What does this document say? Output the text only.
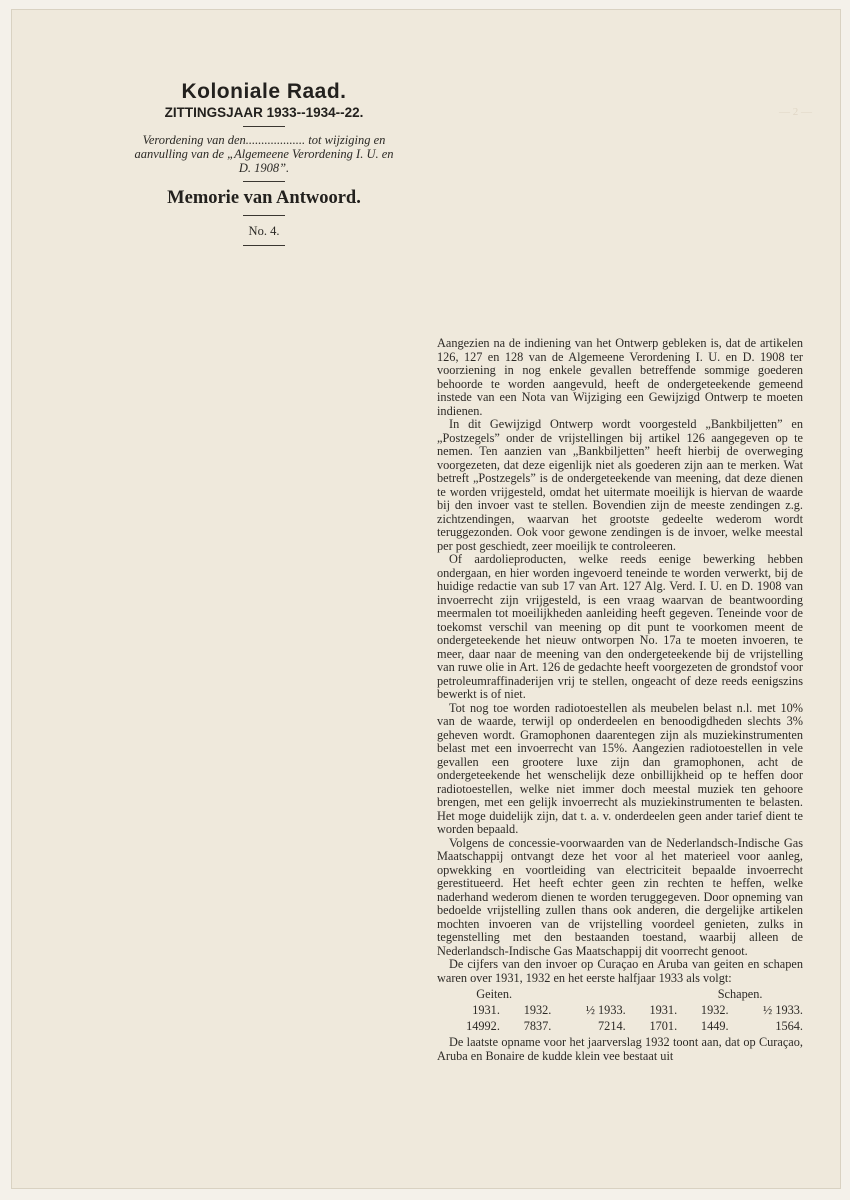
— 2 —
Koloniale Raad.
ZITTINGSJAAR 1933--1934--22.
Verordening van den................... tot wijziging en aanvulling van de „Algemeene Verordening I. U. en D. 1908”.
Memorie van Antwoord.
No. 4.

Aangezien na de indiening van het Ontwerp gebleken is, dat de artikelen 126, 127 en 128 van de Algemeene Verordening I. U. en D. 1908 ter voorziening in nog enkele gevallen betreffende sommige goederen behoorde te worden aangevuld, heeft de ondergeteekende gemeend instede van een Nota van Wijziging een Gewijzigd Ontwerp te moeten indienen.

In dit Gewijzigd Ontwerp wordt voorgesteld „Bankbiljetten” en „Postzegels” onder de vrijstellingen bij artikel 126 aangegeven op te nemen. Ten aanzien van „Bankbiljetten” heeft hierbij de overweging voorgezeten, dat deze eigenlijk niet als goederen zijn aan te merken. Wat betreft „Postzegels” is de ondergeteekende van meening, dat deze dienen te worden vrijgesteld, omdat het uitermate moeilijk is hiervan de waarde bij den invoer vast te stellen. Bovendien zijn de meeste zendingen z.g. zichtzendingen, waarvan het grootste gedeelte wederom wordt teruggezonden. Ook voor gewone zendingen is de invoer, welke meestal per post geschiedt, zeer moeilijk te controleeren.

Of aardolieproducten, welke reeds eenige bewerking hebben ondergaan, en hier worden ingevoerd teneinde te worden verwerkt, bij de huidige redactie van sub 17 van Art. 127 Alg. Verd. I. U. en D. 1908 van invoerrecht zijn vrijgesteld, is een vraag waarvan de beantwoording meermalen tot moeilijkheden aanleiding heeft gegeven. Teneinde voor de toekomst verschil van meening op dit punt te voorkomen meent de ondergeteekende het nieuw ontworpen No. 17a te moeten invoeren, te meer, daar naar de meening van den ondergeteekende bij de vrijstelling van ruwe olie in Art. 126 de gedachte heeft voorgezeten de grondstof voor petroleumraffinaderijen vrij te stellen, ongeacht of deze reeds eenigszins bewerkt is of niet.

Tot nog toe worden radiotoestellen als meubelen belast n.l. met 10% van de waarde, terwijl op onderdeelen en benoodigdheden slechts 3% geheven wordt. Gramophonen daarentegen zijn als muziekinstrumenten belast met een invoerrecht van 15%. Aangezien radiotoestellen in vele gevallen een grootere luxe zijn dan gramophonen, acht de ondergeteekende het wenschelijk deze onbillijkheid op te heffen door radiotoestellen, welke niet immer doch meestal muziek ten gehoore brengen, met een gelijk invoerrecht als muziekinstrumenten te belasten. Het moge duidelijk zijn, dat t. a. v. onderdeelen geen ander tarief dient te worden bepaald.

Volgens de concessie-voorwaarden van de Nederlandsch-Indische Gas Maatschappij ontvangt deze het voor al het materieel voor aanleg, opwekking en voortleiding van electriciteit bepaalde invoerrecht gerestitueerd. Het heeft echter geen zin rechten te heffen, welke naderhand wederom dienen te worden teruggegeven. Door opneming van bedoelde vrijstelling zullen thans ook anderen, die dergelijke artikelen mochten invoeren van de vrijstelling voordeel genieten, zulks in tegenstelling met den bestaanden toestand, waarbij alleen de Nederlandsch-Indische Gas Maatschappij dit voorrecht genoot.

De cijfers van den invoer op Curaçao en Aruba van geiten en schapen waren over 1931, 1932 en het eerste halfjaar 1933 als volgt:

Geiten.				Schapen.	
1931.	1932.	½ 1933.	1931.	1932.	½ 1933.
14992.	7837.	7214.	1701.	1449.	1564.

De laatste opname voor het jaarverslag 1932 toont aan, dat op Curaçao, Aruba en Bonaire de kudde klein vee bestaat uit
